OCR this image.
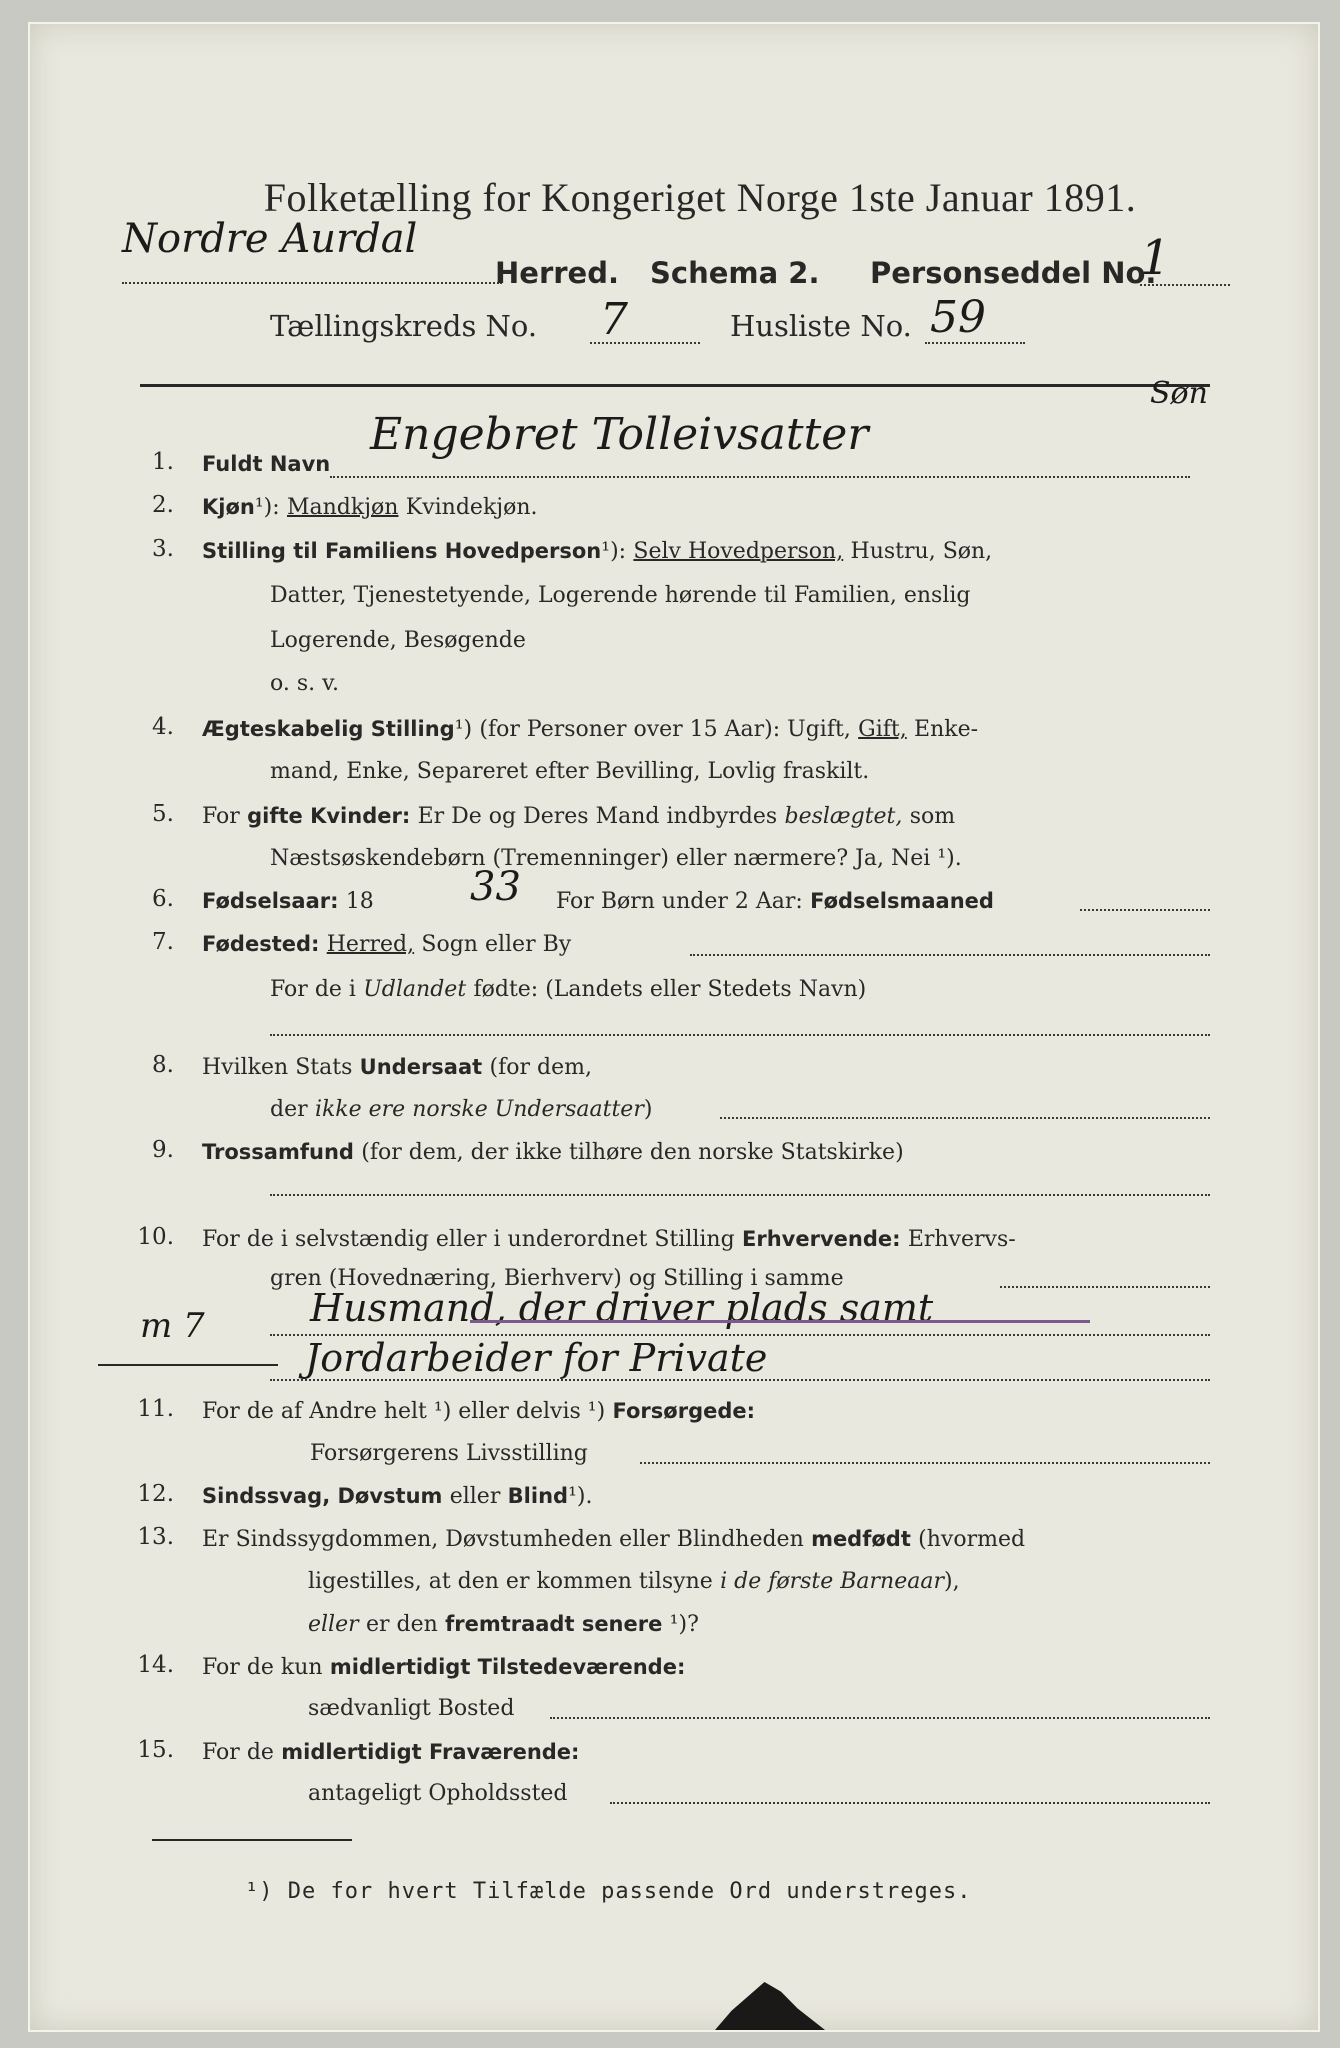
Folketælling for Kongeriget Norge 1ste Januar 1891.
Nordre Aurdal
Herred. Schema 2. Personseddel No.
1
Tællingskreds No. 7	Husliste No. 59
1. Fuldt Navn
Engebret Tolleivsatter
Søn
2. Kjøn¹): Mandkjøn Kvindekjøn.
3. Stilling til Familiens Hovedperson¹): Selv Hovedperson, Hustru, Søn,
Datter, Tjenestetyende, Logerende hørende til Familien, enslig
Logerende, Besøgende
o. s. v.
4. Ægteskabelig Stilling¹) (for Personer over 15 Aar): Ugift, Gift, Enke-
mand, Enke, Separeret efter Bevilling, Lovlig fraskilt.
5. For gifte Kvinder: Er De og Deres Mand indbyrdes beslægtet, som
Næstsøskendebørn (Tremenninger) eller nærmere? Ja, Nei ¹).
6. Fødselsaar: 18 33 For Børn under 2 Aar: Fødselsmaaned
7. Fødested: Herred, Sogn eller By
For de i Udlandet fødte: (Landets eller Stedets Navn)
8. Hvilken Stats Undersaat (for dem,
der ikke ere norske Undersaatter)
9. Trossamfund (for dem, der ikke tilhøre den norske Statskirke)
10. For de i selvstændig eller i underordnet Stilling Erhvervende: Erhvervs-
gren (Hovednæring, Bierhverv) og Stilling i samme
m 7	Husmand, der driver plads samt
Jordarbeider for Private
11. For de af Andre helt ¹) eller delvis ¹) Forsørgede:
Forsørgerens Livsstilling
12. Sindssvag, Døvstum eller Blind¹).
13. Er Sindssygdommen, Døvstumheden eller Blindheden medfødt (hvormed
ligestilles, at den er kommen tilsyne i de første Barneaar),
eller er den fremtraadt senere ¹)?
14. For de kun midlertidigt Tilstedeværende:
sædvanligt Bosted
15. For de midlertidigt Fraværende:
antageligt Opholdssted
¹) De for hvert Tilfælde passende Ord understreges.
